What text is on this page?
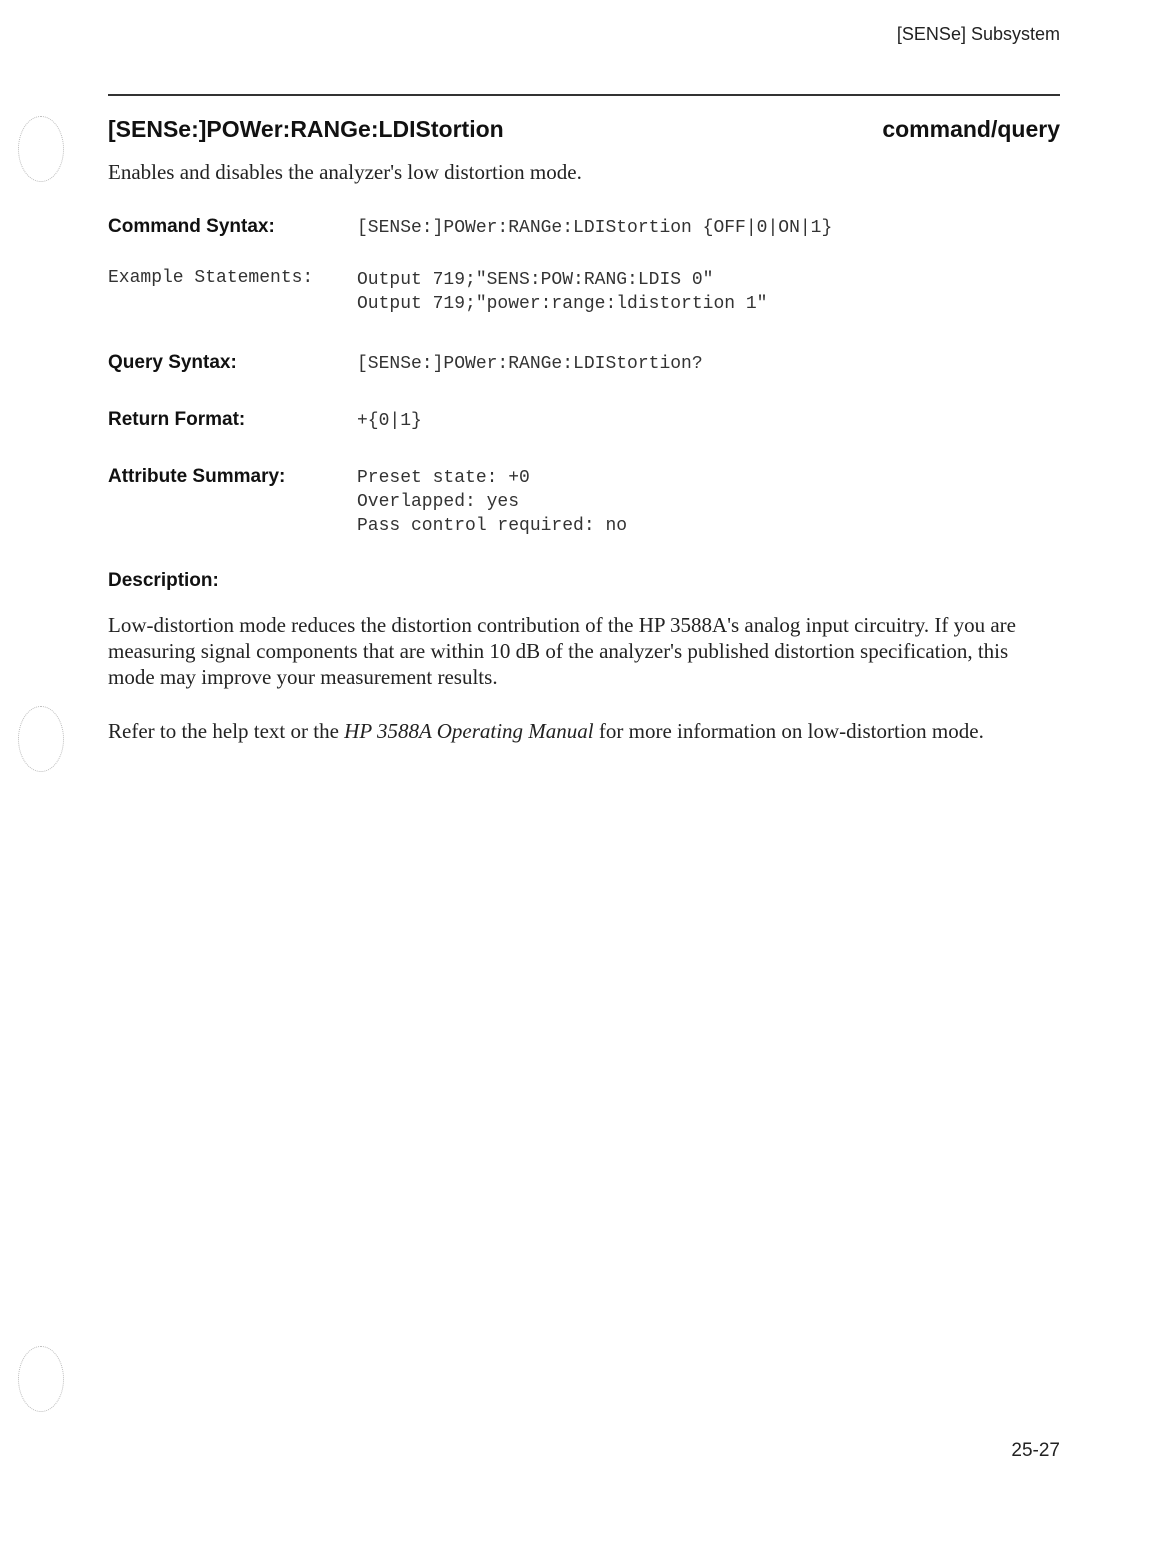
[SENSe] Subsystem
[SENSe:]POWer:RANGe:LDIStortion	command/query
Enables and disables the analyzer's low distortion mode.
Command Syntax:	[SENSe:]POWer:RANGe:LDIStortion {OFF|0|ON|1}
Example Statements: Output 719;"SENS:POW:RANG:LDIS 0"
Output 719;"power:range:ldistortion 1"
Query Syntax:	[SENSe:]POWer:RANGe:LDIStortion?
Return Format:	+{0|1}
Attribute Summary:	Preset state: +0
Overlapped: yes
Pass control required: no
Description:
Low-distortion mode reduces the distortion contribution of the HP 3588A's analog input circuitry. If you are measuring signal components that are within 10 dB of the analyzer's published distortion specification, this mode may improve your measurement results.
Refer to the help text or the HP 3588A Operating Manual for more information on low-distortion mode.
25-27
